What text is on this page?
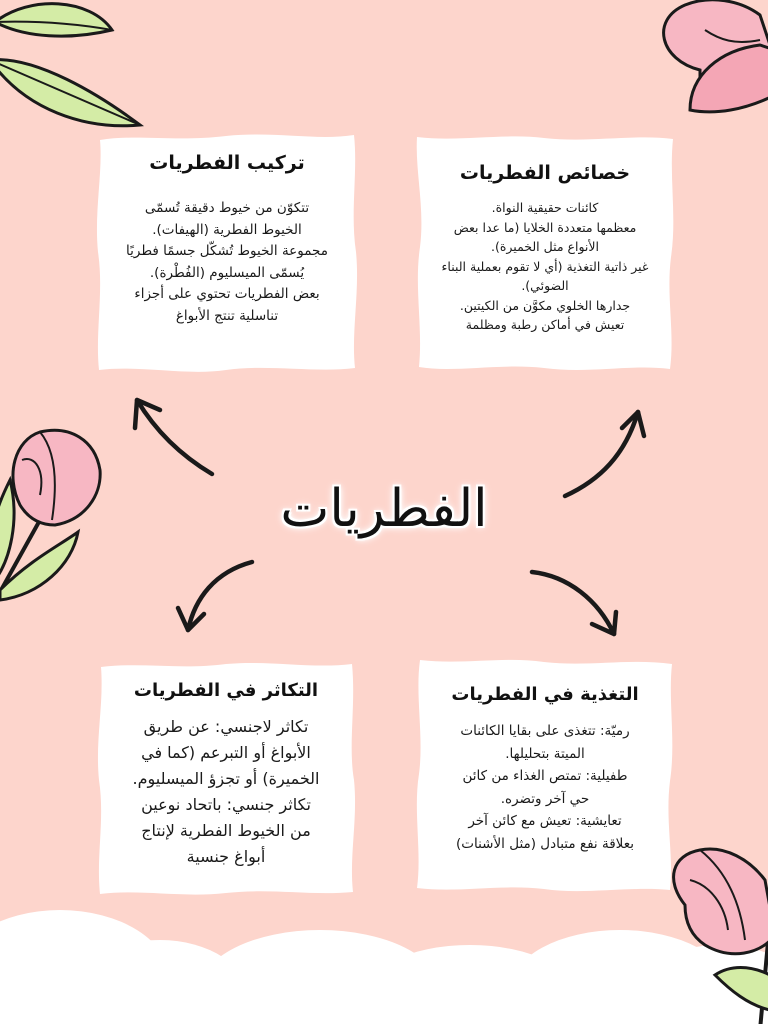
تركيب الفطريات
تتكوّن من خيوط دقيقة تُسمّى
الخيوط الفطرية (الهيفات).
مجموعة الخيوط تُشكّل جسمًا فطريًا
يُسمّى الميسليوم (الفُطْرة).
بعض الفطريات تحتوي على أجزاء
تناسلية تنتج الأبواغ
خصائص الفطريات
كائنات حقيقية النواة.
معظمها متعددة الخلايا (ما عدا بعض
الأنواع مثل الخميرة).
غير ذاتية التغذية (أي لا تقوم بعملية البناء
الضوئي).
جدارها الخلوي مكوَّن من الكيتين.
تعيش في أماكن رطبة ومظلمة
التكاثر في الفطريات
تكاثر لاجنسي: عن طريق
الأبواغ أو التبرعم (كما في
الخميرة) أو تجزؤ الميسليوم.
تكاثر جنسي: باتحاد نوعين
من الخيوط الفطرية لإنتاج
أبواغ جنسية
التغذية في الفطريات
رميّة: تتغذى على بقايا الكائنات
الميتة بتحليلها.
طفيلية: تمتص الغذاء من كائن
حي آخر وتضره.
تعايشية: تعيش مع كائن آخر
بعلاقة نفع متبادل (مثل الأشنات)
الفطريات
